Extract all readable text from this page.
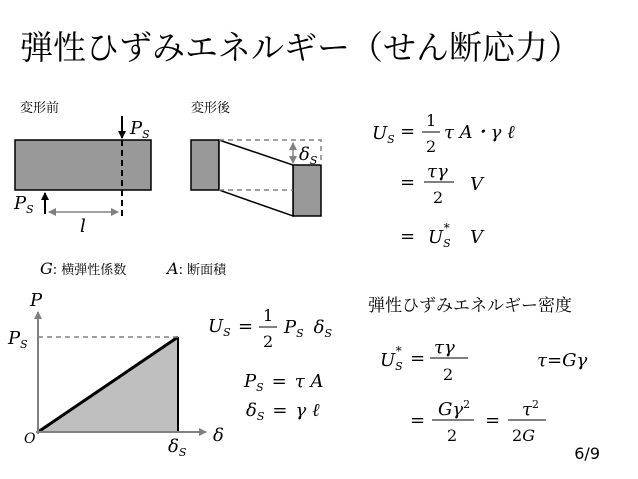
弾性ひずみエネルギー（せん断応力）
変形前	変形後
G: 横弾性係数	A: 断面積
弾性ひずみエネルギー密度
6/9
$P_S$
$P_S$
l
$\delta_S$
P
δ
O
$P_S$
$\delta_S$
$U_S$ =
1
2
τ A・γ ℓ
=
τγ
2
V
= $U_S*$ V
$U_S$ =
1
2
$P_S$ $\delta_S$
$P_S = \tau$ A
$\delta_S = \gamma$ ℓ
$U_S*$ =
τγ
2
τ=Gγ
=
$G\gamma^2$
2
=
$\tau^2$
2G
